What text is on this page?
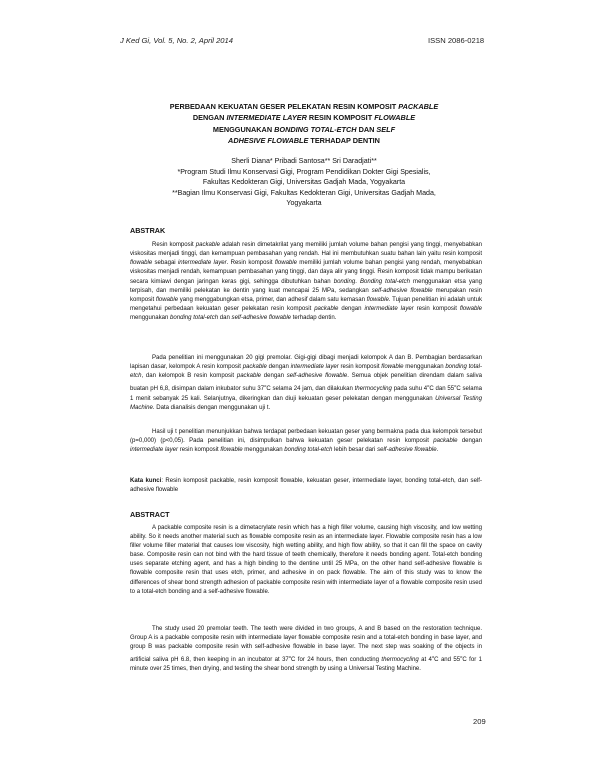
J Ked Gi, Vol. 5, No. 2, April 2014	ISSN 2086-0218
PERBEDAAN KEKUATAN GESER PELEKATAN RESIN KOMPOSIT PACKABLE
DENGAN INTERMEDIATE LAYER RESIN KOMPOSIT FLOWABLE
MENGGUNAKAN BONDING TOTAL-ETCH DAN SELF
ADHESIVE FLOWABLE TERHADAP DENTIN
Sherli Diana* Pribadi Santosa** Sri Daradjati**
*Program Studi Ilmu Konservasi Gigi, Program Pendidikan Dokter Gigi Spesialis,
Fakultas Kedokteran Gigi, Universitas Gadjah Mada, Yogyakarta
**Bagian Ilmu Konservasi Gigi, Fakultas Kedokteran Gigi, Universitas Gadjah Mada,
Yogyakarta
ABSTRAK

Resin komposit packable adalah resin dimetakrilat yang memiliki jumlah volume bahan pengisi yang tinggi, menyebabkan viskositas menjadi tinggi, dan kemampuan pembasahan yang rendah. Hal ini membutuhkan suatu bahan lain yaitu resin komposit flowable sebagai intermediate layer. Resin komposit flowable memiliki jumlah volume bahan pengisi yang rendah, menyebabkan viskositas menjadi rendah, kemampuan pembasahan yang tinggi, dan daya alir yang tinggi. Resin komposit tidak mampu berikatan secara kimiawi dengan jaringan keras gigi, sehingga dibutuhkan bahan bonding. Bonding total-etch menggunakan etsa yang terpisah, dan memiliki pelekatan ke dentin yang kuat mencapai 25 MPa, sedangkan self-adhesive flowable merupakan resin komposit flowable yang menggabungkan etsa, primer, dan adhesif dalam satu kemasan flowable. Tujuan penelitian ini adalah untuk mengetahui perbedaan kekuatan geser pelekatan resin komposit packable dengan intermediate layer resin komposit flowable menggunakan bonding total-etch dan self-adhesive flowable terhadap dentin.

Pada penelitian ini menggunakan 20 gigi premolar. Gigi-gigi dibagi menjadi kelompok A dan B. Pembagian berdasarkan lapisan dasar, kelompok A resin komposit packable dengan intermediate layer resin komposit flowable menggunakan bonding total-etch, dan kelompok B resin komposit packable dengan self-adhesive flowable. Semua objek penelitian direndam dalam saliva buatan pH 6,8, disimpan dalam inkubator suhu 37$^o$C selama 24 jam, dan dilakukan thermocycling pada suhu 4$^o$C dan 55$^o$C selama 1 menit sebanyak 25 kali. Selanjutnya, dikeringkan dan diuji kekuatan geser pelekatan dengan menggunakan Universal Testing Machine. Data dianalisis dengan menggunakan uji t.

Hasil uji t penelitian menunjukkan bahwa terdapat perbedaan kekuatan geser yang bermakna pada dua kelompok tersebut (p=0,000) (p<0,05). Pada penelitian ini, disimpulkan bahwa kekuatan geser pelekatan resin komposit packable dengan intermediate layer resin komposit flowable menggunakan bonding total-etch lebih besar dari self-adhesive flowable.

Kata kunci: Resin komposit packable, resin komposit flowable, kekuatan geser, intermediate layer, bonding total-etch, dan self-adhesive flowable
ABSTRACT
A packable composite resin is a dimetacrylate resin which has a high filler volume, causing high viscosity, and low wetting ability. So it needs another material such as flowable composite resin as an intermediate layer. Flowable composite resin has a low filler volume filler material that causes low viscosity, high wetting ability, and high flow ability, so that it can fill the space on cavity base. Composite resin can not bind with the hard tissue of teeth chemically, therefore it needs bonding agent. Total-etch bonding uses separate etching agent, and has a high binding to the dentine until 25 MPa, on the other hand self-adhesive flowable is flowable composite resin that uses etch, primer, and adhesive in on pack flowable. The aim of this study was to know the differences of shear bond strength adhesion of packable composite resin with intermediate layer of a flowable composite resin used to a total-etch bonding and a self-adhesive flowable.
The study used 20 premolar teeth. The teeth were divided in two groups, A and B based on the restoration technique. Group A is a packable composite resin with intermediate layer flowable composite resin and a total-etch bonding in base layer, and group B was packable composite resin with self-adhesive flowable in base layer. The next step was soaking of the objects in artificial saliva pH 6.8, then keeping in an incubator at 37$^o$C for 24 hours, then conducting thermocycling at 4$^o$C and 55$^o$C for 1 minute over 25 times, then drying, and testing the shear bond strength by using a Universal Testing Machine.
209
